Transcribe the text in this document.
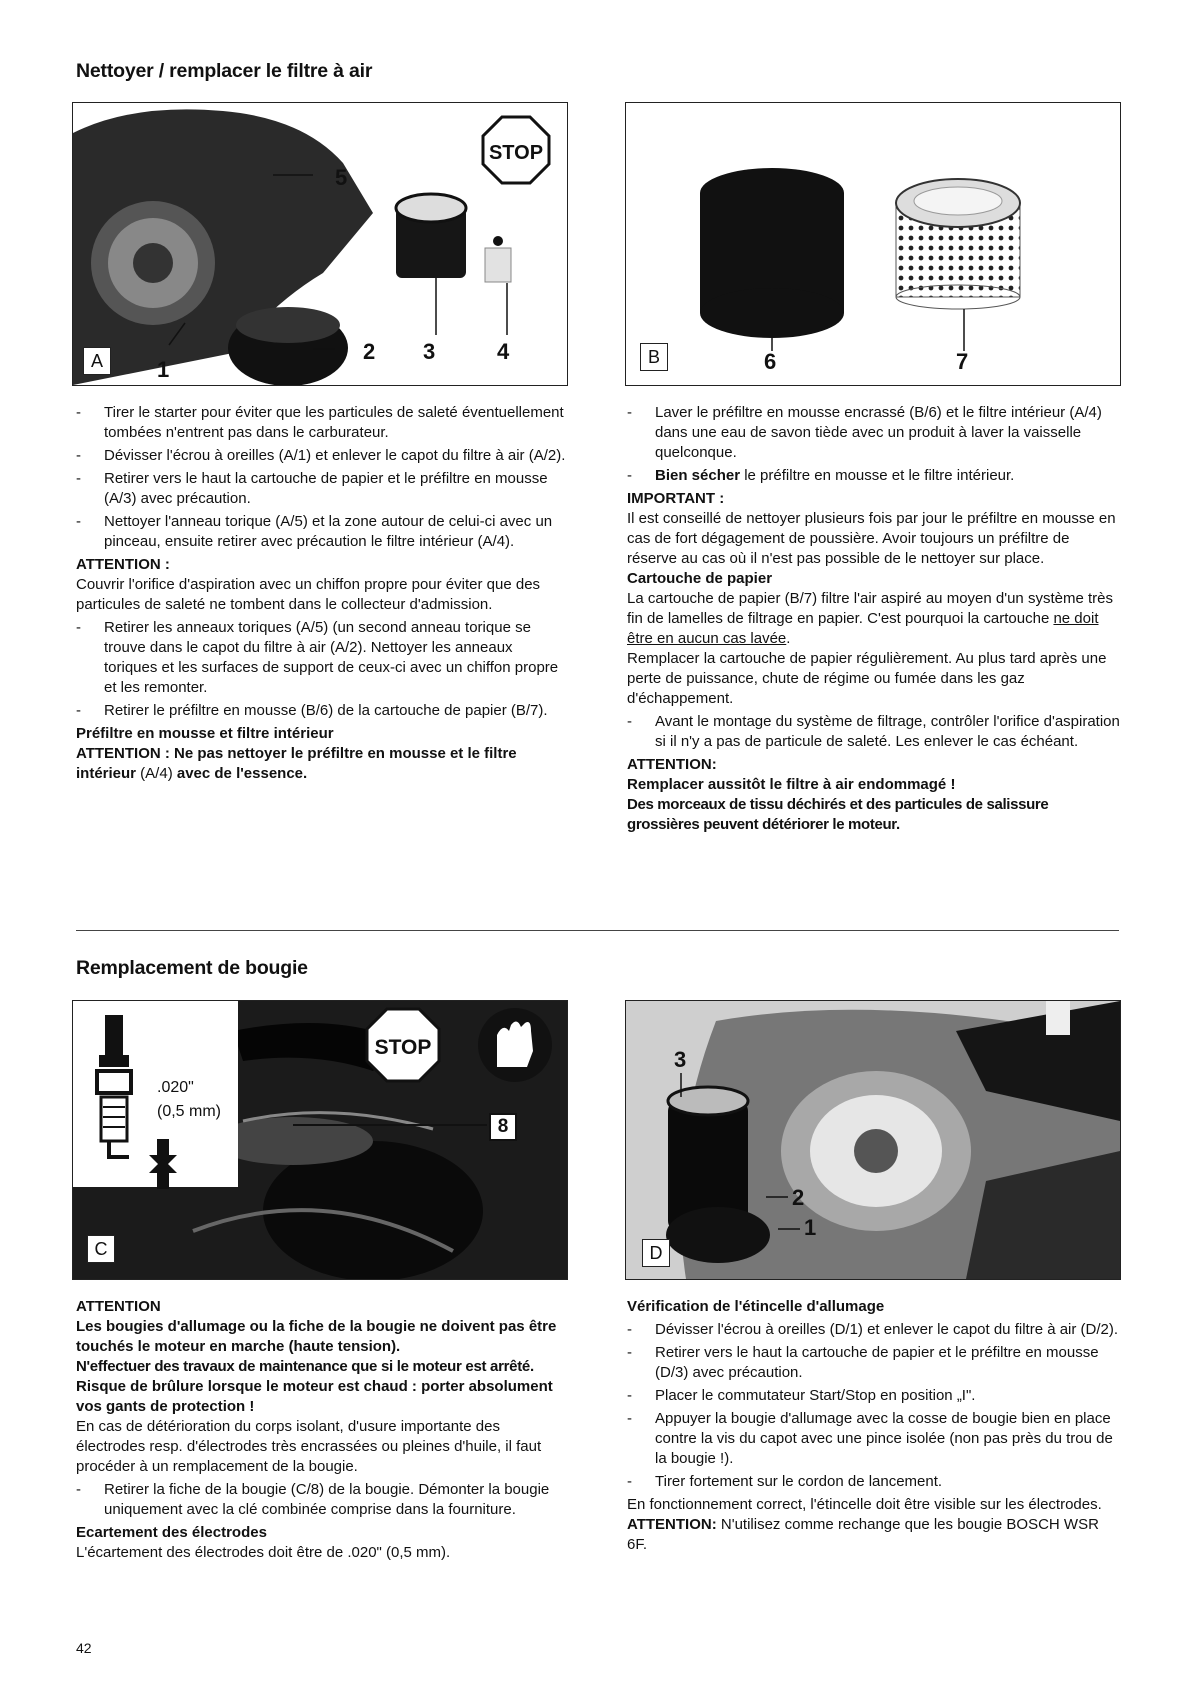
Nettoyer / remplacer le filtre à air
STOP
5
1
2 3	4
A	6	7
B
- Tirer le starter pour éviter que les particules de saleté éventuellement tombées n'entrent pas dans le carburateur.
- Dévisser l'écrou à oreilles (A/1) et enlever le capot du filtre à air (A/2).
- Retirer vers le haut la cartouche de papier et le préfiltre en mousse (A/3) avec précaution.
- Nettoyer l'anneau torique (A/5) et la zone autour de celui-ci avec un pinceau, ensuite retirer avec précaution le filtre intérieur (A/4).

ATTENTION :

Couvrir l'orifice d'aspiration avec un chiffon propre pour éviter que des particules de saleté ne tombent dans le collecteur d'admission.

- Retirer les anneaux toriques (A/5) (un second anneau torique se trouve dans le capot du filtre à air (A/2). Nettoyer les anneaux toriques et les surfaces de support de ceux-ci avec un chiffon propre et les remonter.
- Retirer le préfiltre en mousse (B/6) de la cartouche de papier (B/7).

Préfiltre en mousse et filtre intérieur

ATTENTION : Ne pas nettoyer le préfiltre en mousse et le filtre intérieur (A/4) avec de l'essence.

- Laver le préfiltre en mousse encrassé (B/6) et le filtre intérieur (A/4) dans une eau de savon tiède avec un produit à laver la vaisselle quelconque.
- Bien sécher le préfiltre en mousse et le filtre intérieur.

IMPORTANT :

Il est conseillé de nettoyer plusieurs fois par jour le préfiltre en mousse en cas de fort dégagement de poussière. Avoir toujours un préfiltre de réserve au cas où il n'est pas possible de le nettoyer sur place.

Cartouche de papier

La cartouche de papier (B/7) filtre l'air aspiré au moyen d'un système très fin de lamelles de filtrage en papier. C'est pourquoi la cartouche ne doit être en aucun cas lavée.

Remplacer la cartouche de papier régulièrement. Au plus tard après une perte de puissance, chute de régime ou fumée dans les gaz d'échappement.

- Avant le montage du système de filtrage, contrôler l'orifice d'aspiration si il n'y a pas de particule de saleté. Les enlever le cas échéant.

ATTENTION:

Remplacer aussitôt le filtre à air endommagé !

Des morceaux de tissu déchirés et des particules de salissure grossières peuvent détériorer le moteur.

Remplacement de bougie
STOP
.020"
(0,5 mm)
8
C
3
2
1
D

ATTENTION

Les bougies d'allumage ou la fiche de la bougie ne doivent pas être touchés le moteur en marche (haute tension).

N'effectuer des travaux de maintenance que si le moteur est arrêté.

Risque de brûlure lorsque le moteur est chaud : porter absolument vos gants de protection !

En cas de détérioration du corps isolant, d'usure importante des électrodes resp. d'électrodes très encrassées ou pleines d'huile, il faut procéder à un remplacement de la bougie.

- Retirer la fiche de la bougie (C/8) de la bougie. Démonter la bougie uniquement avec la clé combinée comprise dans la fourniture.

Ecartement des électrodes

L'écartement des électrodes doit être de .020" (0,5 mm).

Vérification de l'étincelle d'allumage

- Dévisser l'écrou à oreilles (D/1) et enlever le capot du filtre à air (D/2).
- Retirer vers le haut la cartouche de papier et le préfiltre en mousse (D/3) avec précaution.
- Placer le commutateur Start/Stop en position „I".
- Appuyer la bougie d'allumage avec la cosse de bougie bien en place contre la vis du capot avec une pince isolée (non pas près du trou de la bougie !).
- Tirer fortement sur le cordon de lancement.

En fonctionnement correct, l'étincelle doit être visible sur les électrodes.

ATTENTION: N'utilisez comme rechange que les bougie BOSCH WSR 6F.

42
